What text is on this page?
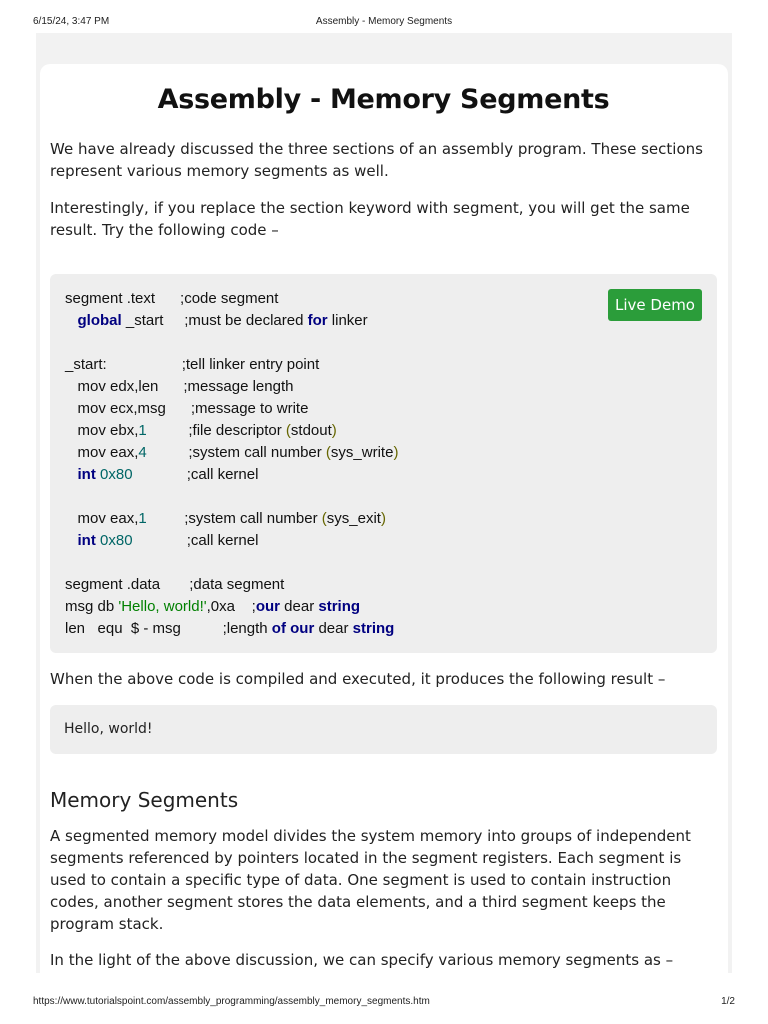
6/15/24, 3:47 PM	Assembly - Memory Segments
Assembly - Memory Segments

We have already discussed the three sections of an assembly program. These sections represent various memory segments as well.

Interestingly, if you replace the section keyword with segment, you will get the same result. Try the following code –

Live Demo
segment .text      ;code segment
global _start     ;must be declared for linker
_start:                  ;tell linker entry point
mov edx,len      ;message length
mov ecx,msg      ;message to write
mov ebx,1          ;file descriptor (stdout)
mov eax,4          ;system call number (sys_write)
int 0x80             ;call kernel
mov eax,1         ;system call number (sys_exit)
int 0x80             ;call kernel
segment .data       ;data segment
msg db 'Hello, world!',0xa    ;our dear string
len   equ  $ - msg          ;length of our dear string

When the above code is compiled and executed, it produces the following result –

Hello, world!
Memory Segments

A segmented memory model divides the system memory into groups of independent segments referenced by pointers located in the segment registers. Each segment is used to contain a specific type of data. One segment is used to contain instruction codes, another segment stores the data elements, and a third segment keeps the program stack.

In the light of the above discussion, we can specify various memory segments as –

https://www.tutorialspoint.com/assembly_programming/assembly_memory_segments.htm	1/2
